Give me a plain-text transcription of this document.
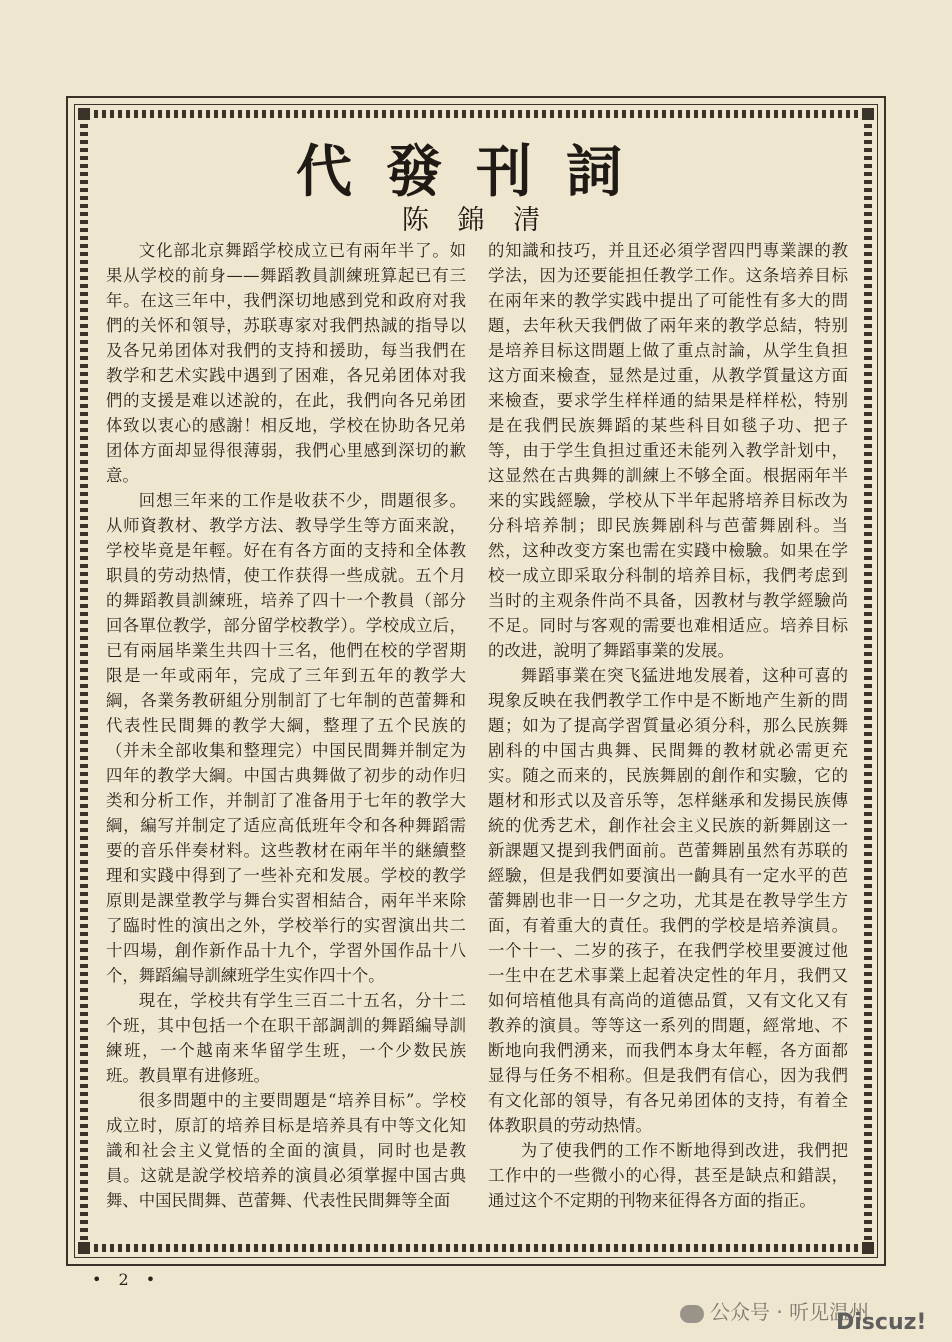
代發刊詞
陈 錦 清

文化部北京舞蹈学校成立已有兩年半了。如果从学校的前身——舞蹈教員訓練班算起已有三年。在这三年中，我們深切地感到党和政府对我們的关怀和領导，苏联專家对我們热誠的指导以及各兄弟团体对我們的支持和援助，每当我們在教学和艺术实践中遇到了困难，各兄弟团体对我們的支援是难以述說的，在此，我們向各兄弟团体致以衷心的感謝！相反地，学校在协助各兄弟团体方面却显得很薄弱，我們心里感到深切的歉意。

回想三年来的工作是收获不少，問題很多。从师資教材、教学方法、教导学生等方面来說，学校毕竟是年輕。好在有各方面的支持和全体教职員的劳动热情，使工作获得一些成就。五个月的舞蹈教員訓練班，培养了四十一个教員（部分回各單位教学，部分留学校教学）。学校成立后，已有兩屆毕業生共四十三名，他們在校的学習期限是一年或兩年，完成了三年到五年的教学大綱，各業务教研組分別制訂了七年制的芭蕾舞和代表性民間舞的教学大綱，整理了五个民族的（并未全部收集和整理完）中国民間舞并制定为四年的教学大綱。中国古典舞做了初步的动作归类和分析工作，并制訂了准备用于七年的教学大綱，編写并制定了适应高低班年令和各种舞蹈需要的音乐伴奏材料。这些教材在兩年半的継續整理和实踐中得到了一些补充和发展。学校的教学原則是課堂教学与舞台实習相結合，兩年半来除了臨时性的演出之外，学校举行的实習演出共二十四場，創作新作品十九个，学習外国作品十八个，舞蹈編导訓練班学生实作四十个。

現在，学校共有学生三百二十五名，分十二个班，其中包括一个在职干部調訓的舞蹈編导訓練班，一个越南来华留学生班，一个少数民族班。教員單有进修班。

很多問題中的主要問題是“培养目标”。学校成立时，原訂的培养目标是培养具有中等文化知識和社会主义覚悟的全面的演員，同时也是教員。这就是說学校培养的演員必須掌握中国古典舞、中国民間舞、芭蕾舞、代表性民間舞等全面

的知識和技巧，并且还必須学習四門專業課的教学法，因为还要能担任教学工作。这条培养目标在兩年来的教学实践中提出了可能性有多大的問題，去年秋天我們做了兩年来的教学总結，特别是培养目标这問題上做了重点討論，从学生負担这方面来檢查，显然是过重，从教学質量这方面来檢查，要求学生样样通的結果是样样松，特别是在我們民族舞蹈的某些科目如毯子功、把子等，由于学生負担过重还未能列入教学計划中，这显然在古典舞的訓練上不够全面。根据兩年半来的实践經驗，学校从下半年起將培养目标改为分科培养制；即民族舞剧科与芭蕾舞剧科。当然，这种改变方案也需在实踐中檢驗。如果在学校一成立即采取分科制的培养目标，我們考虑到当时的主观条件尚不具备，因教材与教学經驗尚不足。同时与客观的需要也难相适应。培养目标的改进，說明了舞蹈事業的发展。

舞蹈事業在突飞猛进地发展着，这种可喜的現象反映在我們教学工作中是不断地产生新的問題；如为了提高学習質量必須分科，那么民族舞剧科的中国古典舞、民間舞的教材就必需更充实。随之而来的，民族舞剧的創作和实驗，它的題材和形式以及音乐等，怎样継承和发揚民族傳統的优秀艺术，創作社会主义民族的新舞剧这一新課題又提到我們面前。芭蕾舞剧虽然有苏联的經驗，但是我們如要演出一齣具有一定水平的芭蕾舞剧也非一日一夕之功，尤其是在教导学生方面，有着重大的責任。我們的学校是培养演員。一个十一、二岁的孩子，在我們学校里要渡过他一生中在艺术事業上起着决定性的年月，我們又如何培植他具有高尚的道德品質，又有文化又有教养的演員。等等这一系列的問題，經常地、不断地向我們湧来，而我們本身太年輕，各方面都显得与任务不相称。但是我們有信心，因为我們有文化部的領导，有各兄弟团体的支持，有着全体教职員的劳动热情。

为了使我們的工作不断地得到改进，我們把工作中的一些微小的心得，甚至是缺点和錯誤，通过这个不定期的刊物来征得各方面的指正。

• 2 •
公众号 · 听见温州
Discuz!
